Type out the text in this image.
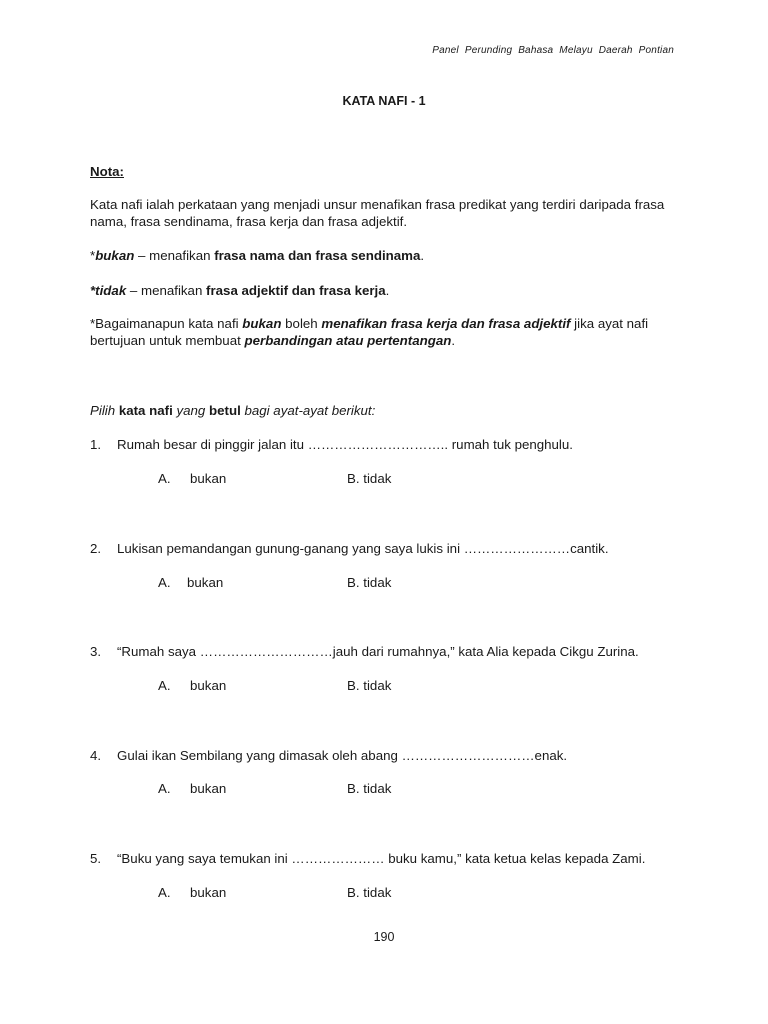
Panel Perunding Bahasa Melayu Daerah Pontian
KATA NAFI - 1
Nota:
Kata nafi ialah perkataan yang menjadi unsur menafikan frasa predikat yang terdiri daripada frasa nama, frasa sendinama, frasa kerja dan frasa adjektif.
*bukan – menafikan frasa nama dan frasa sendinama.
*tidak – menafikan frasa adjektif dan frasa kerja.
*Bagaimanapun kata nafi bukan boleh menafikan frasa kerja dan frasa adjektif jika ayat nafi bertujuan untuk membuat perbandingan atau pertentangan.
Pilih kata nafi yang betul bagi ayat-ayat berikut:
1. Rumah besar di pinggir jalan itu ………………………….. rumah tuk penghulu.
A. bukan	B. tidak
2. Lukisan pemandangan gunung-ganang yang saya lukis ini ……………………cantik.
A. bukan	B. tidak
3. “Rumah saya …………………………jauh dari rumahnya,” kata Alia kepada Cikgu Zurina.
A. bukan	B. tidak
4. Gulai ikan Sembilang yang dimasak oleh abang …………………………enak.
A. bukan	B. tidak
5. “Buku yang saya temukan ini ………………… buku kamu,” kata ketua kelas kepada Zami.
A. bukan	B. tidak
190
